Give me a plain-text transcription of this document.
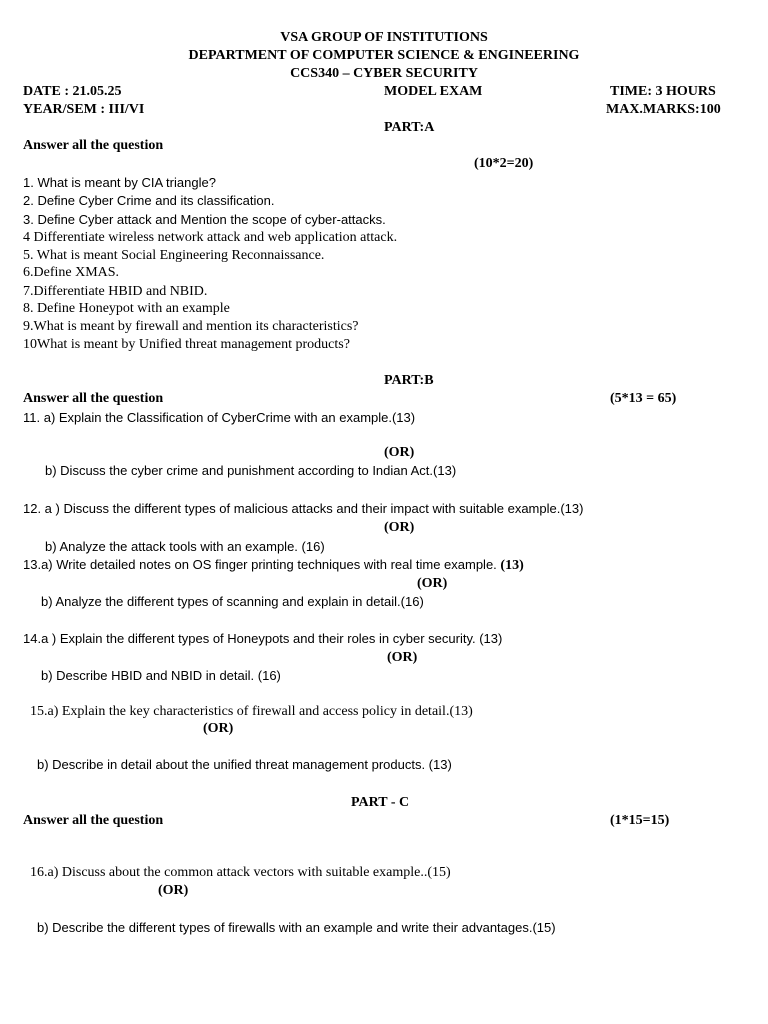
VSA GROUP OF INSTITUTIONS
DEPARTMENT OF COMPUTER SCIENCE & ENGINEERING
CCS340 – CYBER SECURITY
DATE : 21.05.25	MODEL EXAM	TIME: 3 HOURS
YEAR/SEM : III/VI	MAX.MARKS:100
PART:A
Answer all the question
(10*2=20)
1. What is meant by CIA triangle?
2. Define Cyber Crime and its classification.
3. Define Cyber attack and Mention the scope of cyber-attacks.
4 Differentiate wireless network attack and web application attack.
5. What is meant Social Engineering Reconnaissance.
6.Define XMAS.
7.Differentiate HBID and NBID.
8. Define Honeypot with an example
9.What is meant by firewall and mention its characteristics?
10What is meant by Unified threat management products?
PART:B
Answer all the question	(5*13 = 65)
11. a) Explain the Classification of CyberCrime with an example.(13)
(OR)
b) Discuss the cyber crime and punishment according to Indian Act.(13)
12. a ) Discuss the different types of malicious attacks and their impact with suitable example.(13)
(OR)
b) Analyze the attack tools with an example. (16)
13.a) Write detailed notes on OS finger printing techniques with real time example. (13)
(OR)
b) Analyze the different types of scanning and explain in detail.(16)
14.a ) Explain the different types of Honeypots and their roles in cyber security. (13)
(OR)
b) Describe HBID and NBID in detail. (16)
15.a) Explain the key characteristics of firewall and access policy in detail.(13)
(OR)
b) Describe in detail about the unified threat management products. (13)
PART - C
Answer all the question	(1*15=15)
16.a) Discuss about the common attack vectors with suitable example..(15)
(OR)
b) Describe the different types of firewalls with an example and write their advantages.(15)
